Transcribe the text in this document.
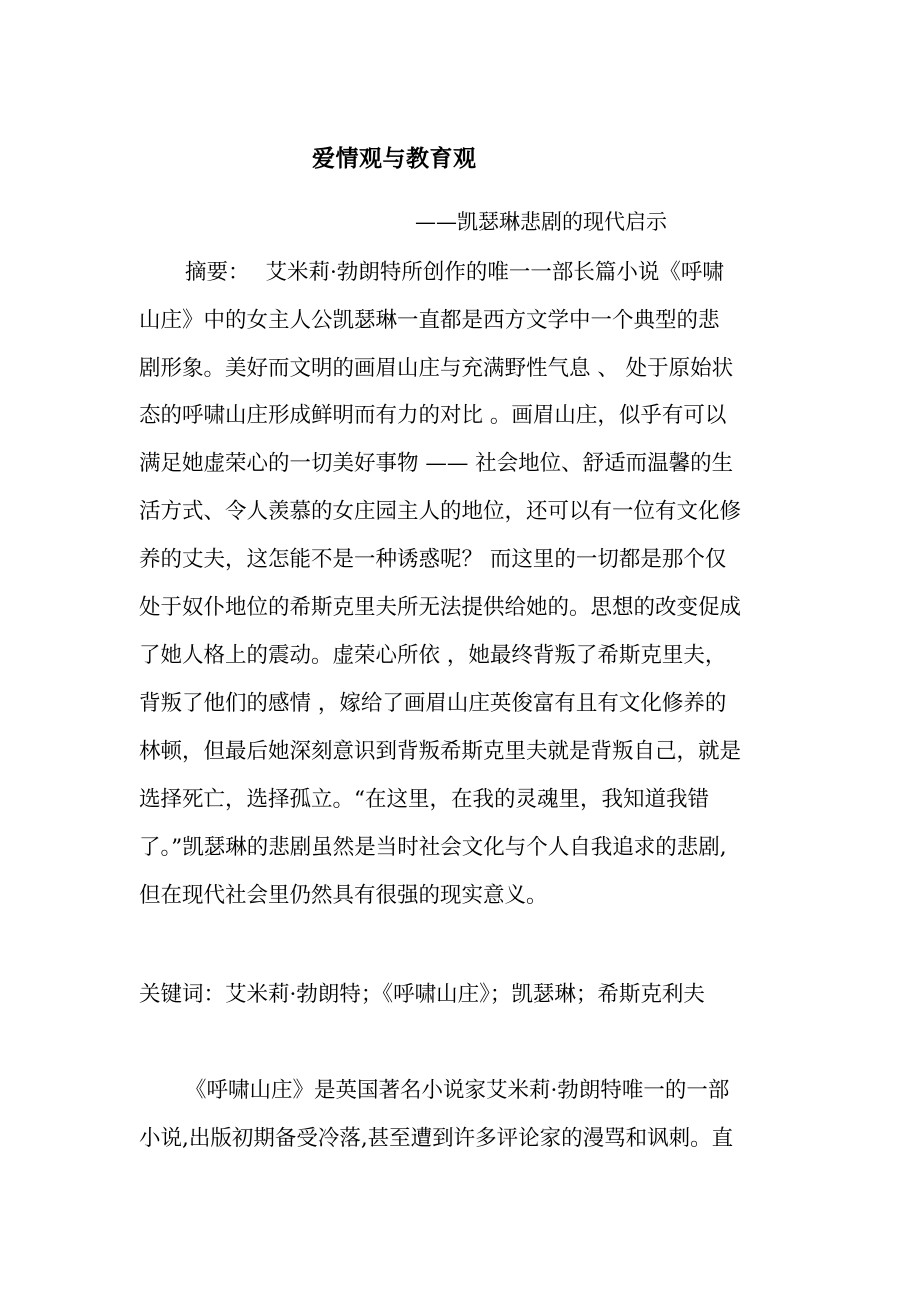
爱情观与教育观
——凯瑟琳悲剧的现代启示
摘要： 艾米莉·勃朗特所创作的唯一一部长篇小说《呼啸
山庄》中的女主人公凯瑟琳一直都是西方文学中一个典型的悲
剧形象。美好而文明的画眉山庄与充满野性气息 、 处于原始状
态的呼啸山庄形成鲜明而有力的对比 。画眉山庄，似乎有可以
满足她虚荣心的一切美好事物 —— 社会地位、舒适而温馨的生
活方式、令人羡慕的女庄园主人的地位，还可以有一位有文化修
养的丈夫，这怎能不是一种诱惑呢？ 而这里的一切都是那个仅
处于奴仆地位的希斯克里夫所无法提供给她的。思想的改变促成
了她人格上的震动。虚荣心所依 ，她最终背叛了希斯克里夫，
背叛了他们的感情 ，嫁给了画眉山庄英俊富有且有文化修养的
林顿，但最后她深刻意识到背叛希斯克里夫就是背叛自己，就是
选择死亡，选择孤立。“在这里，在我的灵魂里，我知道我错
了。”凯瑟琳的悲剧虽然是当时社会文化与个人自我追求的悲剧,
但在现代社会里仍然具有很强的现实意义。
关键词：艾米莉·勃朗特；《呼啸山庄》；凯瑟琳；希斯克利夫
《呼啸山庄》是英国著名小说家艾米莉·勃朗特唯一的一部
小说,出版初期备受冷落,甚至遭到许多评论家的漫骂和讽刺。直
